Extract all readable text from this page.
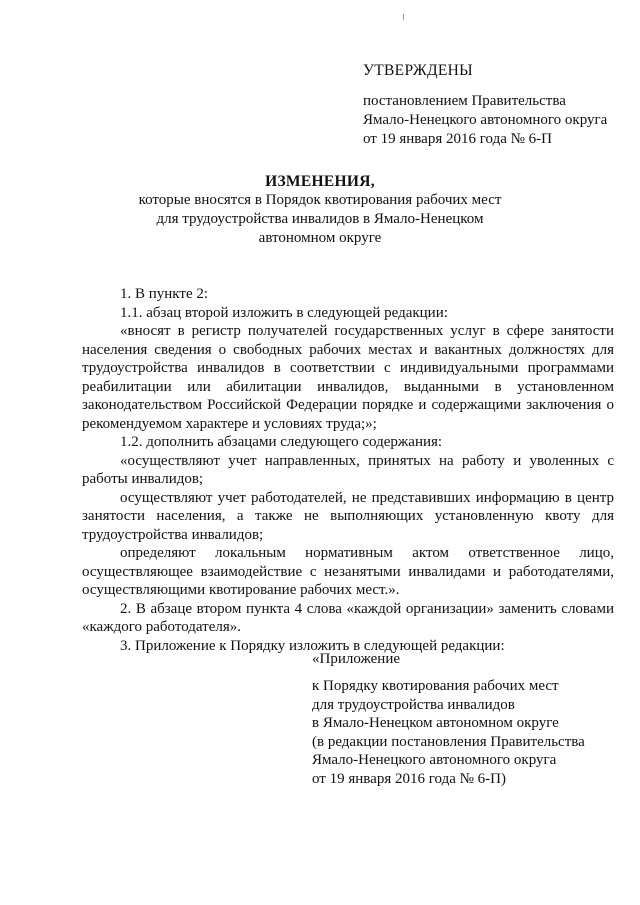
УТВЕРЖДЕНЫ
постановлением Правительства
Ямало-Ненецкого автономного округа
от 19 января 2016 года № 6-П
ИЗМЕНЕНИЯ,
которые вносятся в Порядок квотирования рабочих мест
для трудоустройства инвалидов в Ямало-Ненецком
автономном округе

1. В пункте 2:

1.1. абзац второй изложить в следующей редакции:

«вносят в регистр получателей государственных услуг в сфере занятости населения сведения о свободных рабочих местах и вакантных должностях для трудоустройства инвалидов в соответствии с индивидуальными программами реабилитации или абилитации инвалидов, выданными в установленном законодательством Российской Федерации порядке и содержащими заключения о рекомендуемом характере и условиях труда;»;

1.2. дополнить абзацами следующего содержания:

«осуществляют учет направленных, принятых на работу и уволенных с работы инвалидов;

осуществляют учет работодателей, не представивших информацию в центр занятости населения, а также не выполняющих установленную квоту для трудоустройства инвалидов;

определяют локальным нормативным актом ответственное лицо,

осуществляющее взаимодействие с незанятыми инвалидами и работодателями, осуществляющими квотирование рабочих мест.».

2. В абзаце втором пункта 4 слова «каждой организации» заменить словами «каждого работодателя».

3. Приложение к Порядку изложить в следующей редакции:

«Приложение
к Порядку квотирования рабочих мест
для трудоустройства инвалидов
в Ямало-Ненецком автономном округе
(в редакции постановления Правительства
Ямало-Ненецкого автономного округа
от 19 января 2016 года № 6-П)
